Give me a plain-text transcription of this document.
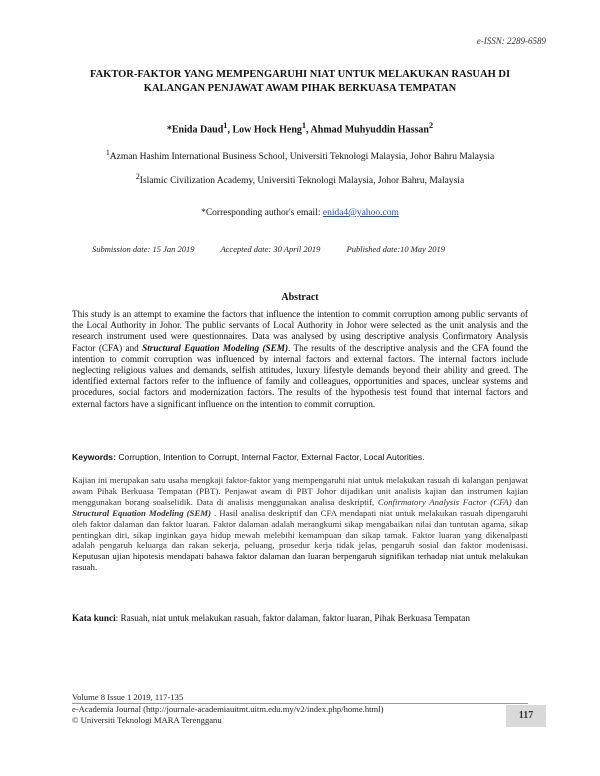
e-ISSN: 2289-6589
FAKTOR-FAKTOR YANG MEMPENGARUHI NIAT UNTUK MELAKUKAN RASUAH DI KALANGAN PENJAWAT AWAM PIHAK BERKUASA TEMPATAN
*Enida Daud$^1$, Low Hock Heng$^1$, Ahmad Muhyuddin Hassan$^2$
$^1$Azman Hashim International Business School, Universiti Teknologi Malaysia, Johor Bahru Malaysia
$^2$Islamic Civilization Academy, Universiti Teknologi Malaysia, Johor Bahru, Malaysia
*Corresponding author's email: enida4@yahoo.com
Submission date: 15 Jan 2019	Accepted date: 30 April 2019	Published date:10 May 2019
Abstract
This study is an attempt to examine the factors that influence the intention to commit corruption among public servants of the Local Authority in Johor. The public servants of Local Authority in Johor were selected as the unit analysis and the research instrument used were questionnaires. Data was analysed by using descriptive analysis Confirmatory Analysis Factor (CFA) and Structural Equation Modeling (SEM). The results of the descriptive analysis and the CFA found the intention to commit corruption was influenced by internal factors and external factors. The internal factors include neglecting religious values and demands, selfish attitudes, luxury lifestyle demands beyond their ability and greed. The identified external factors refer to the influence of family and colleagues, opportunities and spaces, unclear systems and procedures, social factors and modernization factors. The results of the hypothesis test found that internal factors and external factors have a significant influence on the intention to commit corruption.
Keywords: Corruption, Intention to Corrupt, Internal Factor, External Factor, Local Autorities.
Kajian ini merupakan satu usaha mengkaji faktor-faktor yang mempengaruhi niat untuk melakukan rasuah di kalangan penjawat awam Pihak Berkuasa Tempatan (PBT). Penjawat awam di PBT Johor dijadikan unit analisis kajian dan instrumen kajian menggunakan borang soalselidik. Data di analisis menggunakan analisa deskriptif, Confirmatory Analysis Factor (CFA) dan Structural Equation Modeling (SEM) . Hasil analisa deskriptif dan CFA mendapati niat untuk melakukan rasuah dipengaruhi oleh faktor dalaman dan faktor luaran. Faktor dalaman adalah merangkumi sikap mengabaikan nilai dan tuntutan agama, sikap pentingkan diri, sikap inginkan gaya hidup mewah melebihi kemampuan dan sikap tamak. Faktor luaran yang dikenalpasti adalah pengaruh keluarga dan rakan sekerja, peluang, prosedur kerja tidak jelas, pengaruh sosial dan faktor modenisasi. Keputusan ujian hipotesis mendapati bahawa faktor dalaman dan luaran berpengaruh signifikan terhadap niat untuk melakukan rasuah.
Kata kunci: Rasuah, niat untuk melakukan rasuah, faktor dalaman, faktor luaran, Pihak Berkuasa Tempatan
Volume 8 Issue 1 2019, 117-135
e-Academia Journal (http://journale-academiauitmt.uitm.edu.my/v2/index.php/home.html)
© Universiti Teknologi MARA Terengganu	117
